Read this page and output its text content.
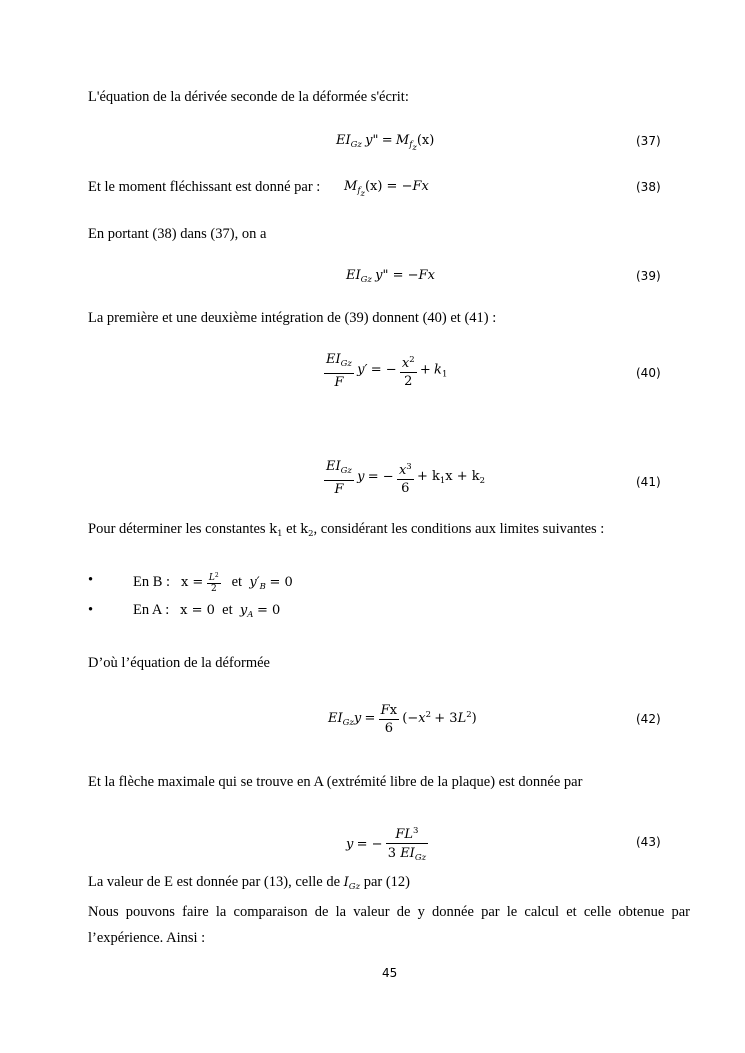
L'équation de la dérivée seconde de la déformée s'écrit:
$EI_{Gz}$ y" = $M_{f_z}(x)$	(37)
Et le moment fléchissant est donné par : $M_{f_z}(x) = -Fx$	(38)
En portant (38) dans (37), on a
$EI_{Gz}$ y" = −Fx	(39)
La première et une deuxième intégration de (39) donnent (40) et (41) :
$\frac{EI_{Gz}}{F} y'$ = − $\frac{x^2}{2} + k_1$	(40)
$\frac{EI_{Gz}}{F}$ y = − $\frac{x^3}{6} + k_1x + k_2$	(41)
Pour déterminer les constantes $k_1$ et $k_2$, considérant les conditions aux limites suivantes :
•	En B : $x = \frac{L^2}{2}$ et $y'_B = 0$
•	En A : x = 0 et $y_A = 0$
D’où l’équation de la déformée
$EI_{Gz}y = \frac{Fx}{6} (-x^2 + 3L^2)$	(42)
Et la flèche maximale qui se trouve en A (extrémité libre de la plaque) est donnée par
y = − $\frac{FL^3}{3 EI_{Gz}}$	(43)
La valeur de E est donnée par (13), celle de $I_{Gz}$ par (12)
Nous pouvons faire la comparaison de la valeur de y donnée par le calcul et celle obtenue par l’expérience. Ainsi :
45
